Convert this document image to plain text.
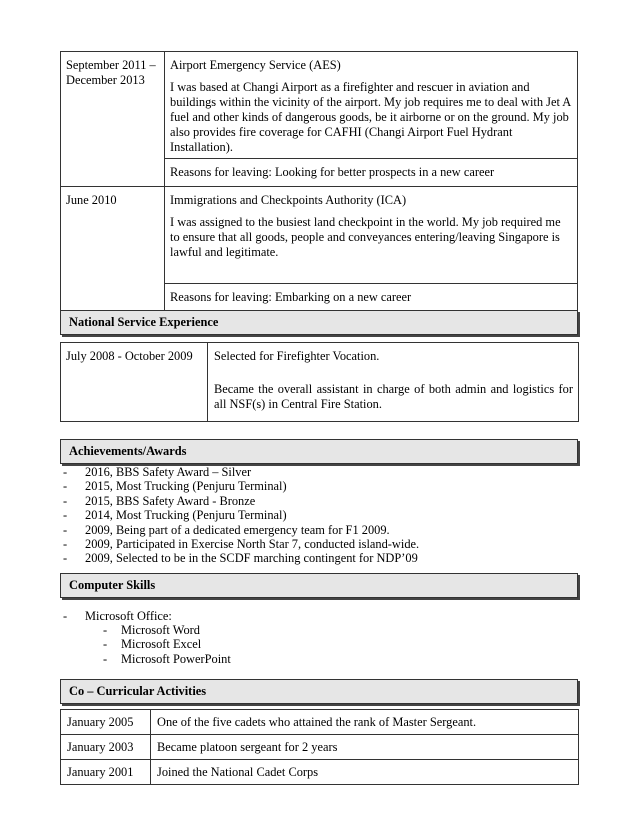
September 2011 – December 2013	Airport Emergency Service (AES)
I was based at Changi Airport as a firefighter and rescuer in aviation and buildings within the vicinity of the airport. My job requires me to deal with Jet A fuel and other kinds of dangerous goods, be it airborne or on the ground. My job also provides fire coverage for CAFHI (Changi Airport Fuel Hydrant Installation).

	Reasons for leaving: Looking for better prospects in a new career

June 2010	Immigrations and Checkpoints Authority (ICA)
I was assigned to the busiest land checkpoint in the world. My job required me to ensure that all goods, people and conveyances entering/leaving Singapore is lawful and legitimate.

	Reasons for leaving: Embarking on a new career
National Service Experience
July 2008 - October 2009	Selected for Firefighter Vocation.
Became the overall assistant in charge of both admin and logistics for all NSF(s) in Central Fire Station.
Achievements/Awards
- 2016, BBS Safety Award – Silver
- 2015, Most Trucking (Penjuru Terminal)
- 2015, BBS Safety Award - Bronze
- 2014, Most Trucking (Penjuru Terminal)
- 2009, Being part of a dedicated emergency team for F1 2009.
- 2009, Participated in Exercise North Star 7, conducted island-wide.
- 2009, Selected to be in the SCDF marching contingent for NDP’09
Computer Skills
- Microsoft Office:
- Microsoft Word
- Microsoft Excel
- Microsoft PowerPoint
Co – Curricular Activities
January 2005	One of the five cadets who attained the rank of Master Sergeant.
January 2003	Became platoon sergeant for 2 years
January 2001	Joined the National Cadet Corps
